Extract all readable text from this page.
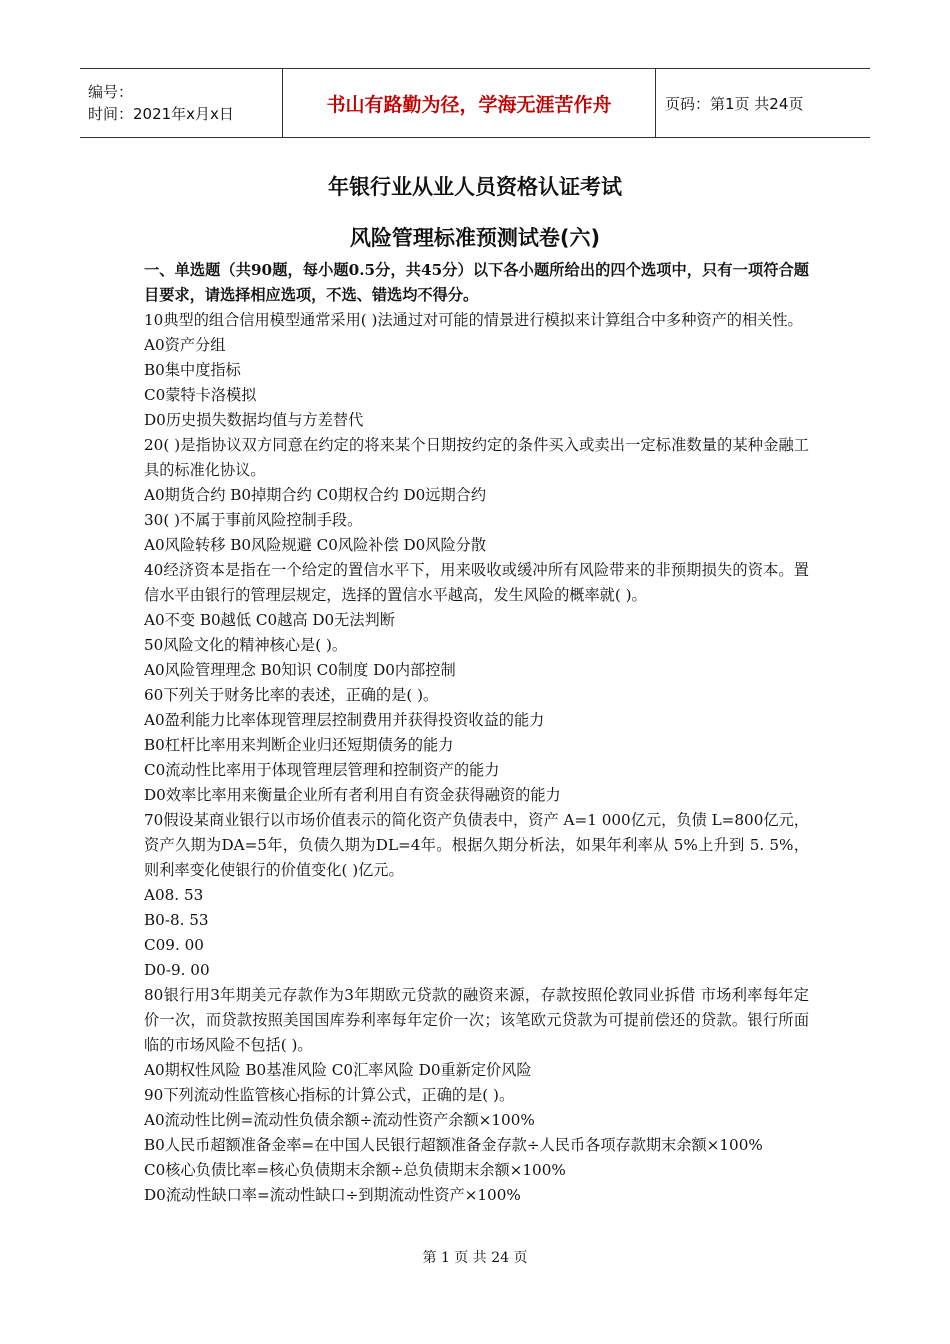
编号：
时间：2021年x月x日	书山有路勤为径，学海无涯苦作舟	页码：第1页 共24页
年银行业从业人员资格认证考试
风险管理标准预测试卷(六)
一、单选题（共90题，每小题0.5分，共45分）以下各小题所给出的四个选项中，只有一项符合题目要求，请选择相应选项，不选、错选均不得分。
10典型的组合信用模型通常采用( )法通过对可能的情景进行模拟来计算组合中多种资产的相关性。
A0资产分组
B0集中度指标
C0蒙特卡洛模拟
D0历史损失数据均值与方差替代
20( )是指协议双方同意在约定的将来某个日期按约定的条件买入或卖出一定标准数量的某种金融工具的标准化协议。
A0期货合约 B0掉期合约 C0期权合约 D0远期合约
30( )不属于事前风险控制手段。
A0风险转移 B0风险规避 C0风险补偿 D0风险分散
40经济资本是指在一个给定的置信水平下，用来吸收或缓冲所有风险带来的非预期损失的资本。置信水平由银行的管理层规定，选择的置信水平越高，发生风险的概率就( )。
A0不变 B0越低 C0越高 D0无法判断
50风险文化的精神核心是( )。
A0风险管理理念 B0知识 C0制度 D0内部控制
60下列关于财务比率的表述，正确的是( )。
A0盈利能力比率体现管理层控制费用并获得投资收益的能力
B0杠杆比率用来判断企业归还短期债务的能力
C0流动性比率用于体现管理层管理和控制资产的能力
D0效率比率用来衡量企业所有者利用自有资金获得融资的能力
70假设某商业银行以市场价值表示的简化资产负债表中，资产 A=1 000亿元，负债 L=800亿元，资产久期为DA=5年，负债久期为DL=4年。根据久期分析法，如果年利率从 5%上升到 5. 5%，则利率变化使银行的价值变化( )亿元。
A08. 53
B0-8. 53
C09. 00
D0-9. 00
80银行用3年期美元存款作为3年期欧元贷款的融资来源，存款按照伦敦同业拆借 市场利率每年定价一次，而贷款按照美国国库券利率每年定价一次；该笔欧元贷款为可提前偿还的贷款。银行所面临的市场风险不包括( )。
A0期权性风险 B0基准风险 C0汇率风险 D0重新定价风险
90下列流动性监管核心指标的计算公式，正确的是( )。
A0流动性比例=流动性负债余额÷流动性资产余额×100%
B0人民币超额准备金率=在中国人民银行超额准备金存款÷人民币各项存款期末余额×100%
C0核心负债比率=核心负债期末余额÷总负债期末余额×100%
D0流动性缺口率=流动性缺口÷到期流动性资产×100%
第 1 页 共 24 页
